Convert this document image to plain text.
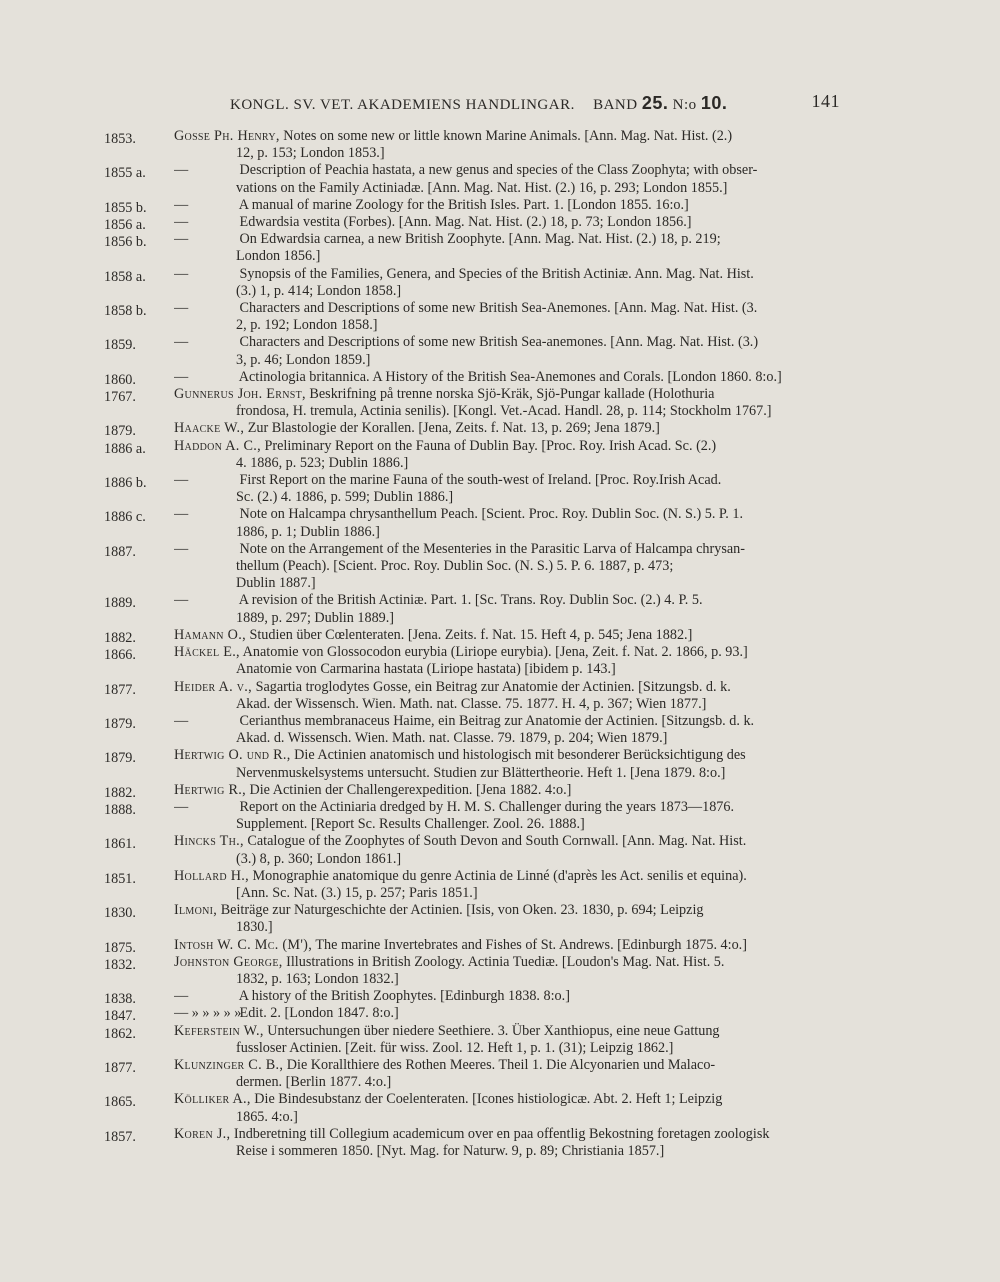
KONGL. SV. VET. AKADEMIENS HANDLINGAR. BAND 25. N:o 10.	141
1853.	Gosse Ph. Henry, Notes on some new or little known Marine Animals. [Ann. Mag. Nat. Hist. (2.)
12, p. 153; London 1853.]
1855 a.	—	Description of Peachia hastata, a new genus and species of the Class Zoophyta; with obser-
vations on the Family Actiniadæ. [Ann. Mag. Nat. Hist. (2.) 16, p. 293; London 1855.]
1855 b.	—	A manual of marine Zoology for the British Isles. Part. 1. [London 1855. 16:o.]
1856 a.	—	Edwardsia vestita (Forbes). [Ann. Mag. Nat. Hist. (2.) 18, p. 73; London 1856.]
1856 b.	—	On Edwardsia carnea, a new British Zoophyte. [Ann. Mag. Nat. Hist. (2.) 18, p. 219;
London 1856.]
1858 a.	—	Synopsis of the Families, Genera, and Species of the British Actiniæ. Ann. Mag. Nat. Hist.
(3.) 1, p. 414; London 1858.]
1858 b.	—	Characters and Descriptions of some new British Sea-Anemones. [Ann. Mag. Nat. Hist. (3.
2, p. 192; London 1858.]
1859.	—	Characters and Descriptions of some new British Sea-anemones. [Ann. Mag. Nat. Hist. (3.)
3, p. 46; London 1859.]
1860.	—	Actinologia britannica. A History of the British Sea-Anemones and Corals. [London 1860. 8:o.]
1767.	Gunnerus Joh. Ernst, Beskrifning på trenne norska Sjö-Kräk, Sjö-Pungar kallade (Holothuria
frondosa, H. tremula, Actinia senilis). [Kongl. Vet.-Acad. Handl. 28, p. 114; Stockholm 1767.]
1879.	Haacke W., Zur Blastologie der Korallen. [Jena, Zeits. f. Nat. 13, p. 269; Jena 1879.]
1886 a.	Haddon A. C., Preliminary Report on the Fauna of Dublin Bay. [Proc. Roy. Irish Acad. Sc. (2.)
4. 1886, p. 523; Dublin 1886.]
1886 b.	—	First Report on the marine Fauna of the south-west of Ireland. [Proc. Roy.Irish Acad.
Sc. (2.) 4. 1886, p. 599; Dublin 1886.]
1886 c.	—	Note on Halcampa chrysanthellum Peach. [Scient. Proc. Roy. Dublin Soc. (N. S.) 5. P. 1.
1886, p. 1; Dublin 1886.]
1887.	—	Note on the Arrangement of the Mesenteries in the Parasitic Larva of Halcampa chrysan-
thellum (Peach). [Scient. Proc. Roy. Dublin Soc. (N. S.) 5. P. 6. 1887, p. 473;
Dublin 1887.]
1889.	—	A revision of the British Actiniæ. Part. 1. [Sc. Trans. Roy. Dublin Soc. (2.) 4. P. 5.
1889, p. 297; Dublin 1889.]
1882.	Hamann O., Studien über Cœlenteraten. [Jena. Zeits. f. Nat. 15. Heft 4, p. 545; Jena 1882.]
1866.	Häckel E., Anatomie von Glossocodon eurybia (Liriope eurybia). [Jena, Zeit. f. Nat. 2. 1866, p. 93.]
Anatomie von Carmarina hastata (Liriope hastata) [ibidem p. 143.]
1877.	Heider A. v., Sagartia troglodytes Gosse, ein Beitrag zur Anatomie der Actinien. [Sitzungsb. d. k.
Akad. der Wissensch. Wien. Math. nat. Classe. 75. 1877. H. 4, p. 367; Wien 1877.]
1879.	—	Cerianthus membranaceus Haime, ein Beitrag zur Anatomie der Actinien. [Sitzungsb. d. k.
Akad. d. Wissensch. Wien. Math. nat. Classe. 79. 1879, p. 204; Wien 1879.]
1879.	Hertwig O. und R., Die Actinien anatomisch und histologisch mit besonderer Berücksichtigung des
Nervenmuskelsystems untersucht. Studien zur Blättertheorie. Heft 1. [Jena 1879. 8:o.]
1882.	Hertwig R., Die Actinien der Challengerexpedition. [Jena 1882. 4:o.]
1888.	—	Report on the Actiniaria dredged by H. M. S. Challenger during the years 1873—1876.
Supplement. [Report Sc. Results Challenger. Zool. 26. 1888.]
1861.	Hincks Th., Catalogue of the Zoophytes of South Devon and South Cornwall. [Ann. Mag. Nat. Hist.
(3.) 8, p. 360; London 1861.]
1851.	Hollard H., Monographie anatomique du genre Actinia de Linné (d'après les Act. senilis et equina).
[Ann. Sc. Nat. (3.) 15, p. 257; Paris 1851.]
1830.	Ilmoni, Beiträge zur Naturgeschichte der Actinien. [Isis, von Oken. 23. 1830, p. 694; Leipzig
1830.]
1875.	Intosh W. C. Mc. (M'), The marine Invertebrates and Fishes of St. Andrews. [Edinburgh 1875. 4:o.]
1832.	Johnston George, Illustrations in British Zoology. Actinia Tuediæ. [Loudon's Mag. Nat. Hist. 5.
1832, p. 163; London 1832.]
1838.	—	A history of the British Zoophytes. [Edinburgh 1838. 8:o.]
1847.	— » » » » » Edit. 2. [London 1847. 8:o.]
1862.	Keferstein W., Untersuchungen über niedere Seethiere. 3. Über Xanthiopus, eine neue Gattung
fussloser Actinien. [Zeit. für wiss. Zool. 12. Heft 1, p. 1. (31); Leipzig 1862.]
1877.	Klunzinger C. B., Die Korallthiere des Rothen Meeres. Theil 1. Die Alcyonarien und Malaco-
dermen. [Berlin 1877. 4:o.]
1865.	Kölliker A., Die Bindesubstanz der Coelenteraten. [Icones histiologicæ. Abt. 2. Heft 1; Leipzig
1865. 4:o.]
1857.	Koren J., Indberetning till Collegium academicum over en paa offentlig Bekostning foretagen zoologisk
Reise i sommeren 1850. [Nyt. Mag. for Naturw. 9, p. 89; Christiania 1857.]
